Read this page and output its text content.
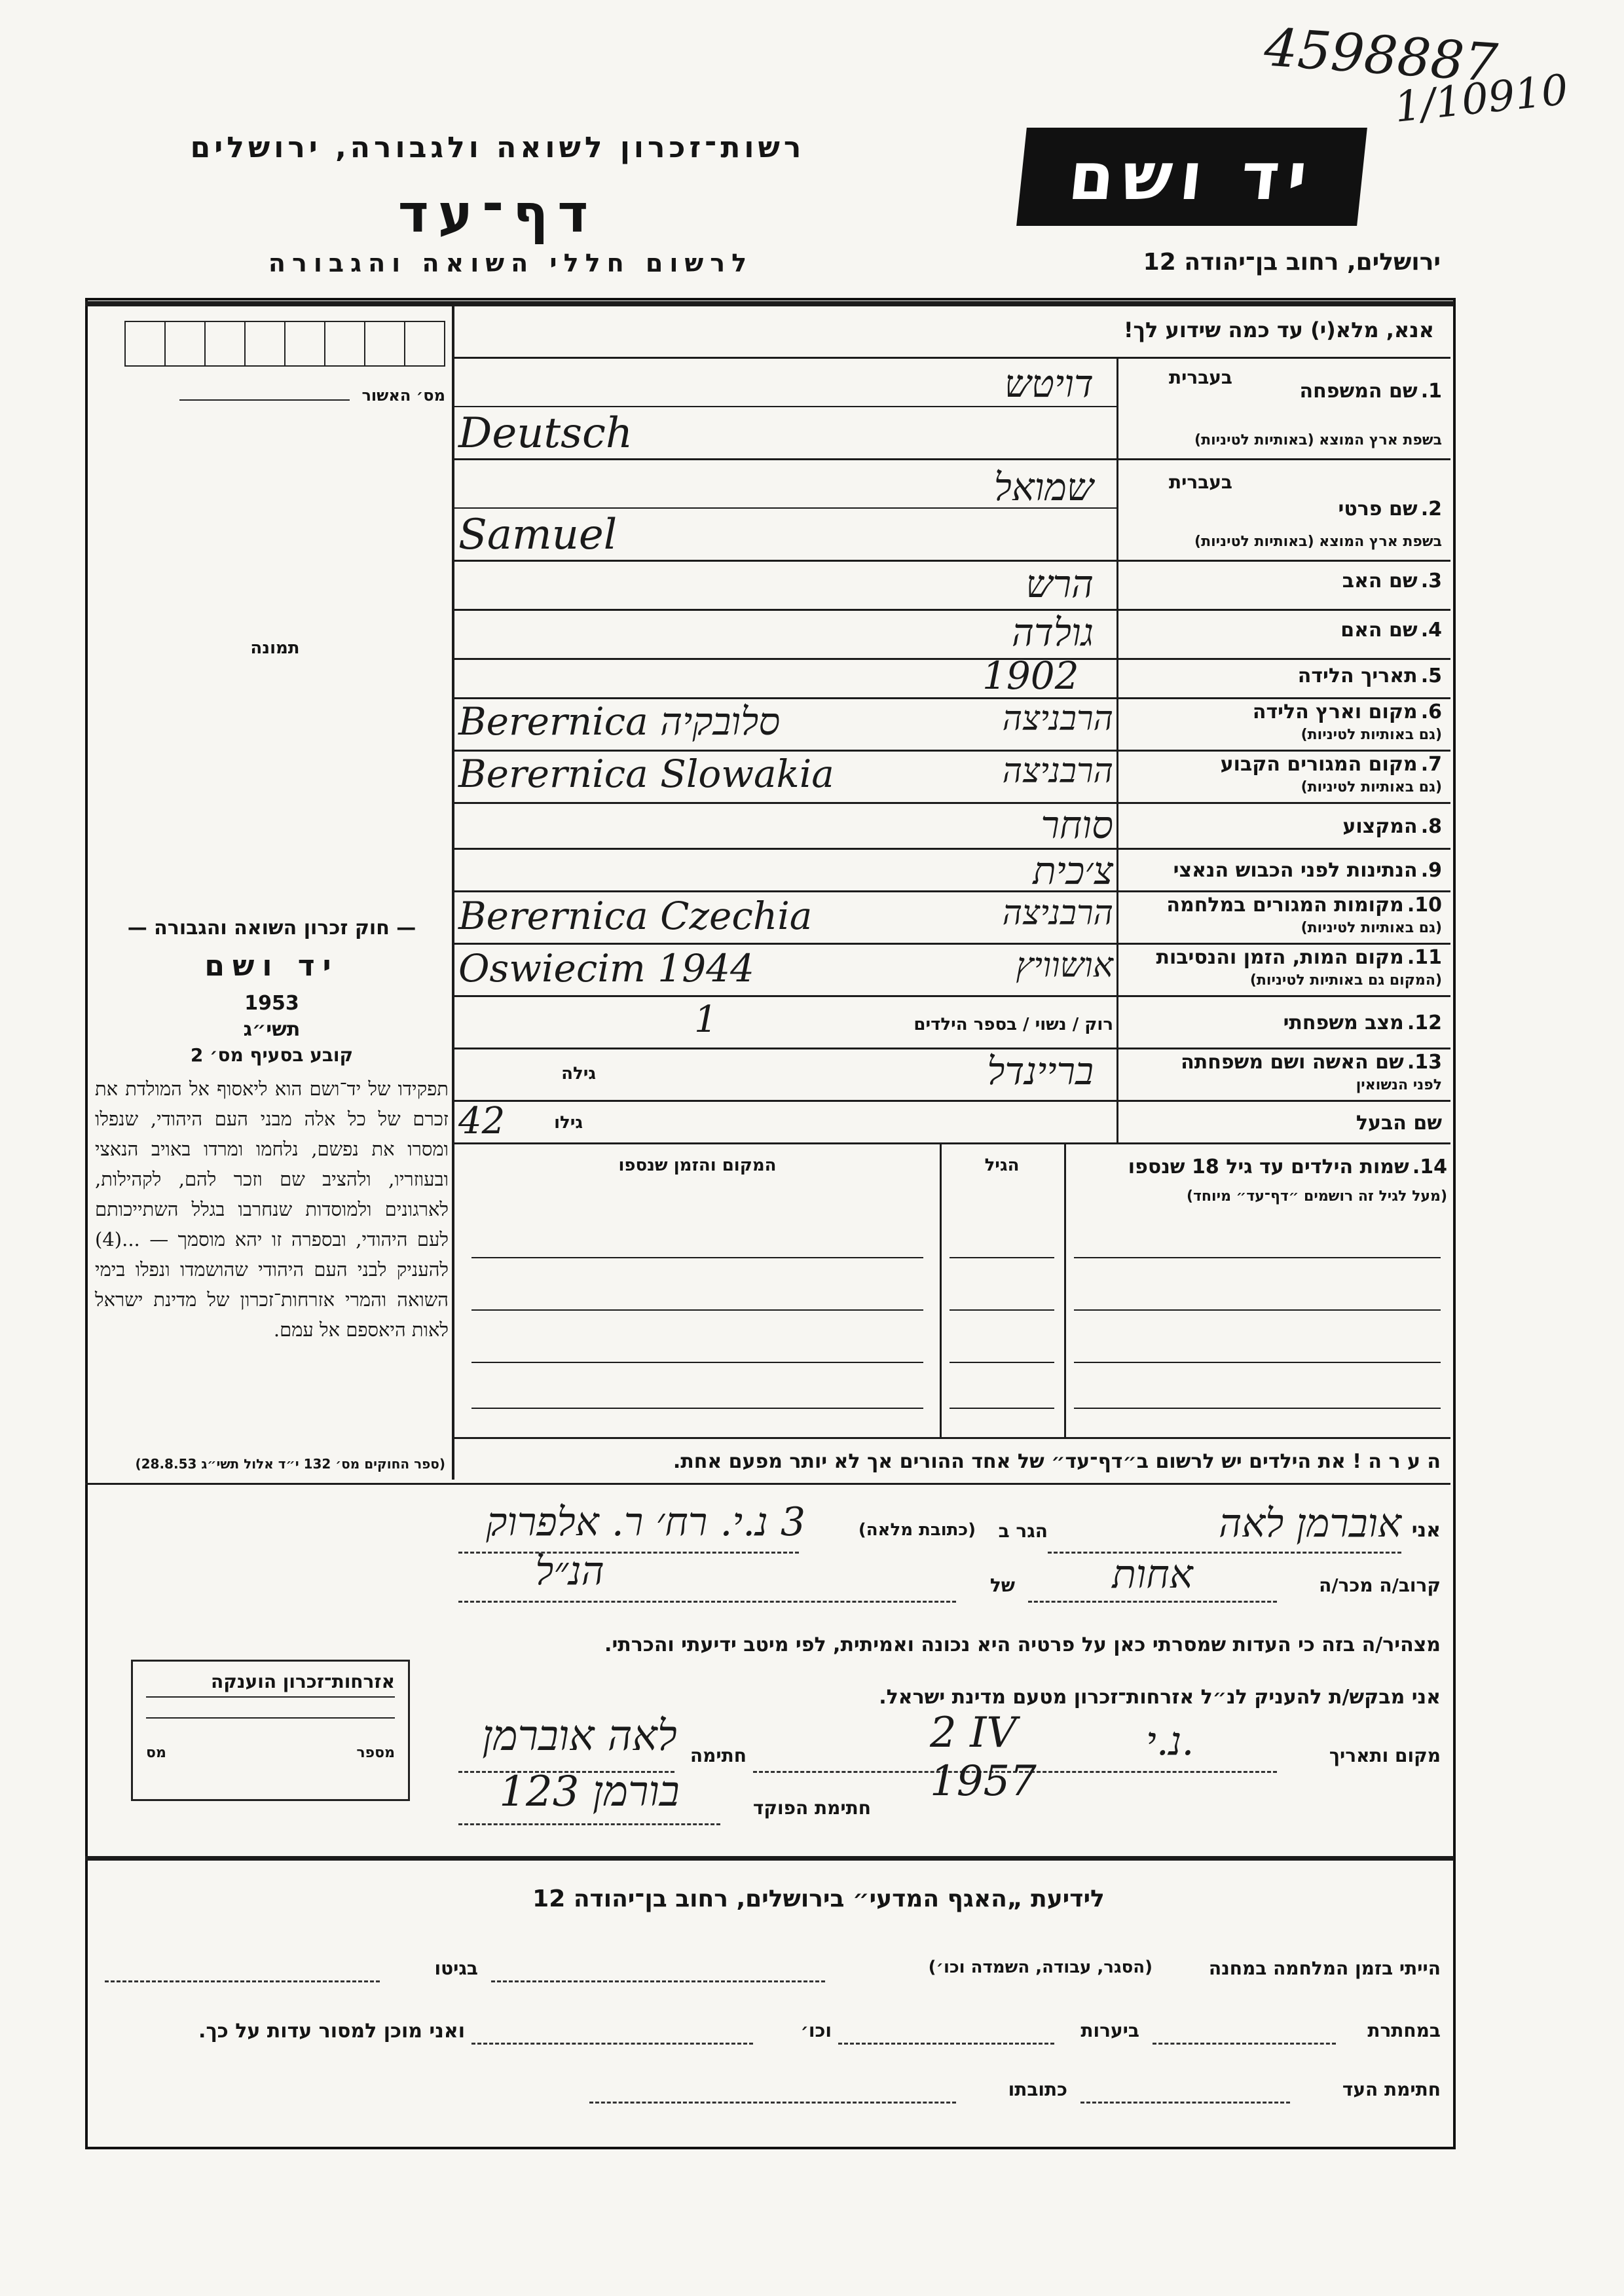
4598887
1/10910
רשות־זכרון לשואה ולגבורה, ירושלים
דף־עד
לרשום חללי השואה והגבורה
יד ושם
ירושלים, רחוב בן־יהודה 12
אנא, מלא(י) עד כמה שידוע לך!
מס׳ האשור
תמונה
1. שם המשפחה
בשפת ארץ המוצא (באותיות לטיניות)
בעברית
דויטש
Deutsch
2. שם פרטי
בשפת ארץ המוצא (באותיות לטיניות)
בעברית
שמואל
Samuel
3. שם האב
הרש
4. שם האם
גולדה
5. תאריך הלידה
1902
6. מקום וארץ הלידה
(גם באותיות לטיניות)
Berernica סלובקיה	הרבניצה
7. מקום המגורים הקבוע
(גם באותיות לטיניות)
Berernica Slowakia	הרבניצה
8. המקצוע
סוחר
9. הנתינות לפני הכבוש הנאצי
צ׳כית
10. מקומות המגורים במלחמה
(גם באותיות לטיניות)
Berernica Czechia	הרבניצה
11. מקום המות, הזמן והנסיבות
(המקום גם באותיות לטיניות)
Oswiecim 1944	אושוויץ
12. מצב משפחתי
רוק / נשוי / בספר הילדים
1
13. שם האשה ושם משפחתה
לפני הנשואין
בריינדל
גילה
שם הבעל
גילו
42
14. שמות הילדים עד גיל 18 שנספו
(מעל לגיל זה רושמים ״דף־עד״ מיוחד)
הגיל
המקום והזמן שנספו
ה ע ר ה ! את הילדים יש לרשום ב״דף־עד״ של אחד ההורים אך לא יותר מפעם אחת.
— חוק זכרון השואה והגבורה —
יד ושם
1953
תשי״ג
קובע בסעיף מס׳ 2
תפקידו של יד־ושם הוא ליאסוף אל המולדת את זכרם של כל אלה מבני העם היהודי, שנפלו ומסרו את נפשם, נלחמו ומרדו באויב הנאצי ובעוזריו, ולהציב שם וזכר להם, לקהילות, לארגונים ולמוסדות שנחרבו בגלל השתייכותם לעם היהודי, ובספרה זו יהא מוסמך — ...(4) להעניק לבני העם היהודי שהושמדו ונפלו בימי השואה והמרי אזרחות־זכרון של מדינת ישראל לאות היאספם אל עמם.
(ספר החוקים מס׳ 132 י״ד אלול תשי״ג 28.8.53)
אני
אוברמן לאה
הגר ב
(כתובת מלאה)
3 נ.י. רח׳ ר. אלפרוק
קרוב/ה מכר/ה
אחות
של
הנ״ל
מצהיר/ה בזה כי העדות שמסרתי כאן על פרטיה היא נכונה ואמיתית, לפי מיטב ידיעתי והכרתי.
אני מבקש/ת להעניק לנ״ל אזרחות־זכרון מטעם מדינת ישראל.
מקום ותאריך
נ.י.
2 IV 1957
חתימה
לאה אוברמן
חתימת הפוקד
בורמן 123
אזרחות־זכרון הוענקה
מספר
מס
לידיעת „האגף המדעי״ בירושלים, רחוב בן־יהודה 12
הייתי בזמן המלחמה במחנה
(הסגר, עבודה, השמדה וכו׳)
בגיטו
במחתרת
ביערות
וכו׳
ואני מוכן למסור עדות על כך.
חתימת העד
כתובתו
